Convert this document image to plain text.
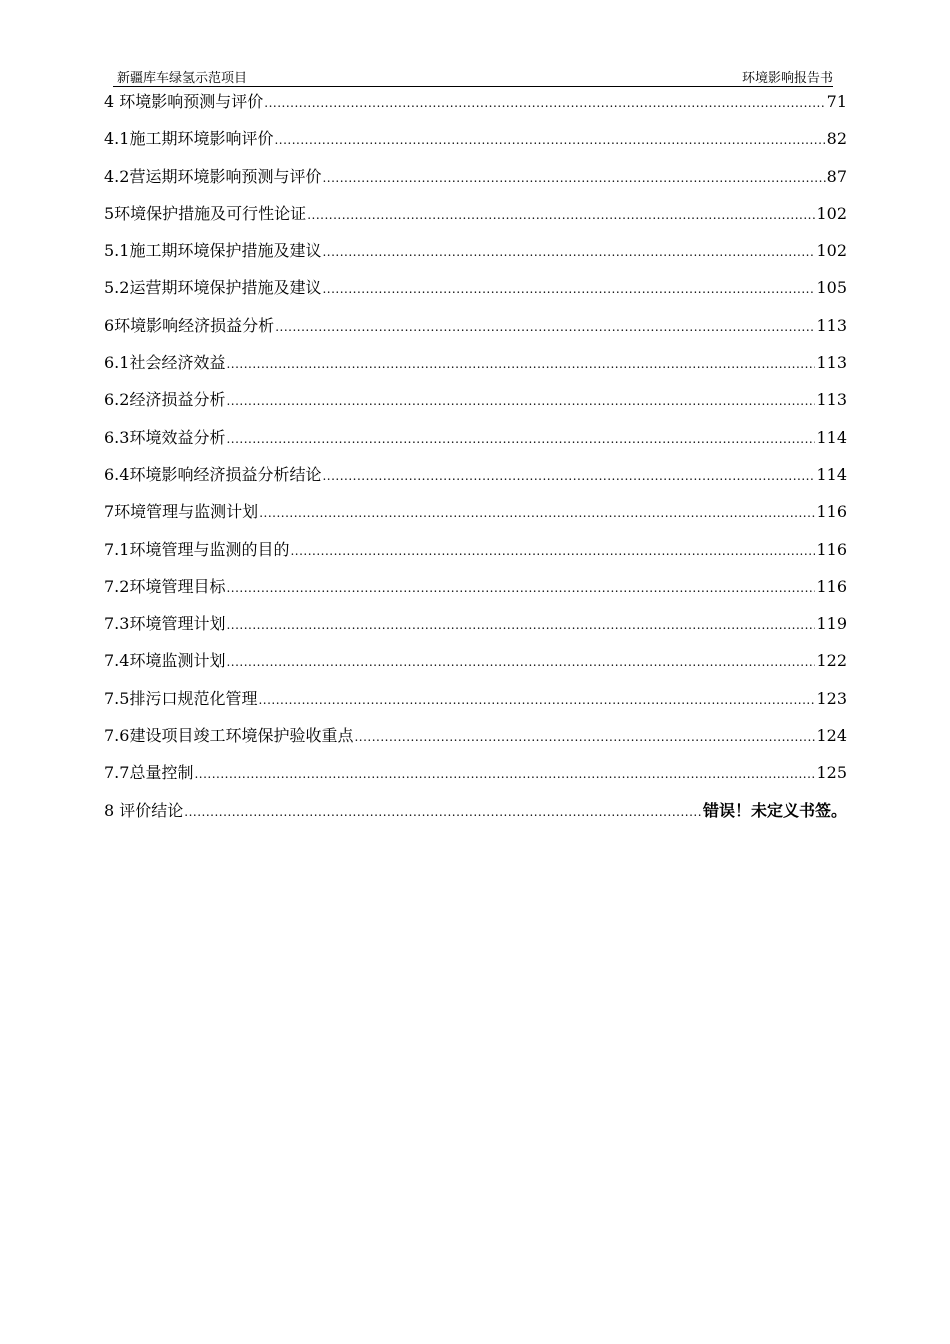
新疆库车绿氢示范项目	环境影响报告书
4 环境影响预测与评价 .....	71
4.1施工期环境影响评价 .....	82
4.2营运期环境影响预测与评价 .....	87
5环境保护措施及可行性论证 .....	102
5.1施工期环境保护措施及建议 .....	102
5.2运营期环境保护措施及建议 .....	105
6环境影响经济损益分析 .....	113
6.1社会经济效益 .....	113
6.2经济损益分析 .....	113
6.3环境效益分析 .....	114
6.4环境影响经济损益分析结论 .....	114
7环境管理与监测计划 .....	116
7.1环境管理与监测的目的 .....	116
7.2环境管理目标 .....	116
7.3环境管理计划 .....	119
7.4环境监测计划 .....	122
7.5排污口规范化管理 .....	123
7.6建设项目竣工环境保护验收重点 .....	124
7.7总量控制 .....	125
8 评价结论 .....	错误！未定义书签。
